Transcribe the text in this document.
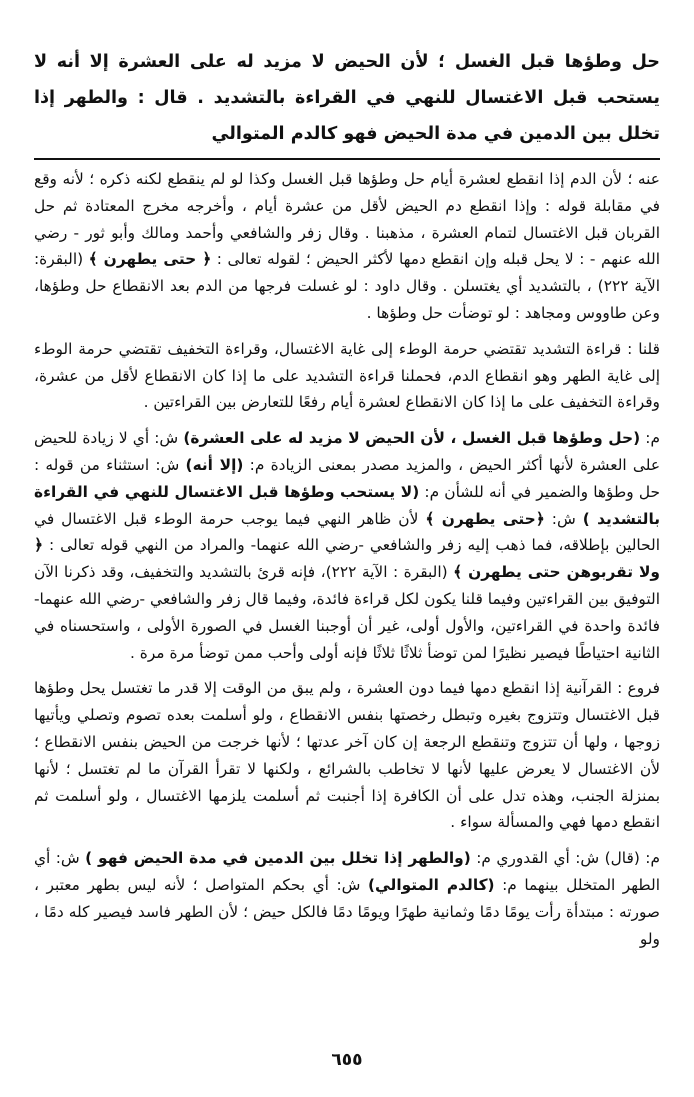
حل وطؤها قبل الغسل ؛ لأن الحيض لا مزيد له على العشرة إلا أنه لا يستحب قبل الاغتسال للنهي في القراءة بالتشديد . قال : والطهر إذا تخلل بين الدمين في مدة الحيض فهو كالدم المتوالي

عنه ؛ لأن الدم إذا انقطع لعشرة أيام حل وطؤها قبل الغسل وكذا لو لم ينقطع لكنه ذكره ؛ لأنه وقع في مقابلة قوله : وإذا انقطع دم الحيض لأقل من عشرة أيام ، وأخرجه مخرج المعتادة ثم حل القربان قبل الاغتسال لتمام العشرة ، مذهبنا . وقال زفر والشافعي وأحمد ومالك وأبو ثور - رضي الله عنهم - : لا يحل قبله وإن انقطع دمها لأكثر الحيض ؛ لقوله تعالى : ﴿ حتى يطهرن ﴾ (البقرة: الآية ٢٢٢) ، بالتشديد أي يغتسلن . وقال داود : لو غسلت فرجها من الدم بعد الانقطاع حل وطؤها، وعن طاووس ومجاهد : لو توضأت حل وطؤها .

قلنا : قراءة التشديد تقتضي حرمة الوطء إلى غاية الاغتسال، وقراءة التخفيف تقتضي حرمة الوطء إلى غاية الطهر وهو انقطاع الدم، فحملنا قراءة التشديد على ما إذا كان الانقطاع لأقل من عشرة، وقراءة التخفيف على ما إذا كان الانقطاع لعشرة أيام رفعًا للتعارض بين القراءتين .

م: (حل وطؤها قبل الغسل ، لأن الحيض لا مزيد له على العشرة) ش: أي لا زيادة للحيض على العشرة لأنها أكثر الحيض ، والمزيد مصدر بمعنى الزيادة م: (إلا أنه) ش: استثناء من قوله : حل وطؤها والضمير في أنه للشأن م: (لا يستحب وطؤها قبل الاغتسال للنهي في القراءة بالتشديد ) ش: ﴿حتى يطهرن ﴾ لأن ظاهر النهي فيما يوجب حرمة الوطء قبل الاغتسال في الحالين بإطلاقه، فما ذهب إليه زفر والشافعي -رضي الله عنهما- والمراد من النهي قوله تعالى : ﴿ ولا تقربوهن حتى يطهرن ﴾ (البقرة : الآية ٢٢٢)، فإنه قرئ بالتشديد والتخفيف، وقد ذكرنا الآن التوفيق بين القراءتين وفيما قلنا يكون لكل قراءة فائدة، وفيما قال زفر والشافعي -رضي الله عنهما- فائدة واحدة في القراءتين، والأول أولى، غير أن أوجبنا الغسل في الصورة الأولى ، واستحسناه في الثانية احتياطًا فيصير نظيرًا لمن توضأ ثلاثًا ثلاثًا فإنه أولى وأحب ممن توضأ مرة مرة .

فروع : القرآنية إذا انقطع دمها فيما دون العشرة ، ولم يبق من الوقت إلا قدر ما تغتسل يحل وطؤها قبل الاغتسال وتتزوج بغيره وتبطل رخصتها بنفس الانقطاع ، ولو أسلمت بعده تصوم وتصلي ويأتيها زوجها ، ولها أن تتزوج وتنقطع الرجعة إن كان آخر عدتها ؛ لأنها خرجت من الحيض بنفس الانقطاع ؛ لأن الاغتسال لا يعرض عليها لأنها لا تخاطب بالشرائع ، ولكنها لا تقرأ القرآن ما لم تغتسل ؛ لأنها بمنزلة الجنب، وهذه تدل على أن الكافرة إذا أجنبت ثم أسلمت يلزمها الاغتسال ، ولو أسلمت ثم انقطع دمها فهي والمسألة سواء .

م: (قال) ش: أي القدوري م: (والطهر إذا تخلل بين الدمين في مدة الحيض فهو ) ش: أي الطهر المتخلل بينهما م: (كالدم المتوالي) ش: أي بحكم المتواصل ؛ لأنه ليس بطهر معتبر ، صورته : مبتدأة رأت يومًا دمًا وثمانية طهرًا ويومًا دمًا فالكل حيض ؛ لأن الطهر فاسد فيصير كله دمًا ، ولو

٦٥٥
